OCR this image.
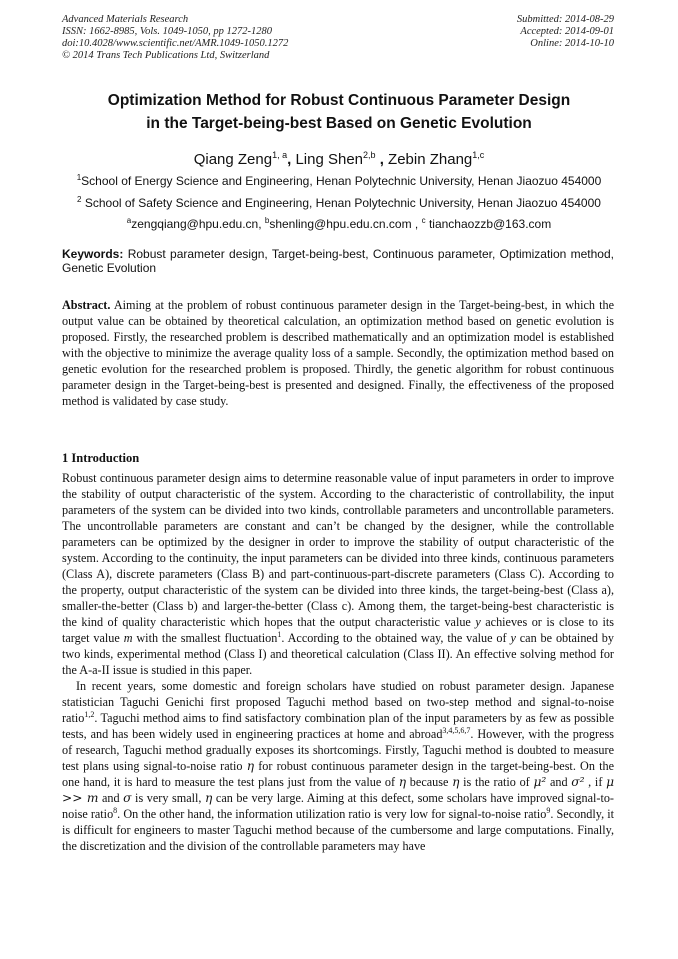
Advanced Materials Research
ISSN: 1662-8985, Vols. 1049-1050, pp 1272-1280
doi:10.4028/www.scientific.net/AMR.1049-1050.1272
© 2014 Trans Tech Publications Ltd, Switzerland
Submitted: 2014-08-29
Accepted: 2014-09-01
Online: 2014-10-10
Optimization Method for Robust Continuous Parameter Design
in the Target-being-best Based on Genetic Evolution
Qiang Zeng$^{1, a}$, Ling Shen$^{2,b}$ , Zebin Zhang$^{1,c}$
$^1$School of Energy Science and Engineering, Henan Polytechnic University, Henan Jiaozuo 454000
$^2$ School of Safety Science and Engineering, Henan Polytechnic University, Henan Jiaozuo 454000
$^a$zengqiang@hpu.edu.cn, $^b$shenling@hpu.edu.cn.com , $^c$ tianchaozzb@163.com
Keywords: Robust parameter design, Target-being-best, Continuous parameter, Optimization method, Genetic Evolution
Abstract. Aiming at the problem of robust continuous parameter design in the Target-being-best, in which the output value can be obtained by theoretical calculation, an optimization method based on genetic evolution is proposed. Firstly, the researched problem is described mathematically and an optimization model is established with the objective to minimize the average quality loss of a sample. Secondly, the optimization method based on genetic evolution for the researched problem is proposed. Thirdly, the genetic algorithm for robust continuous parameter design in the Target-being-best is presented and designed. Finally, the effectiveness of the proposed method is validated by case study.
1 Introduction

Robust continuous parameter design aims to determine reasonable value of input parameters in order to improve the stability of output characteristic of the system. According to the characteristic of controllability, the input parameters of the system can be divided into two kinds, controllable parameters and uncontrollable parameters. The uncontrollable parameters are constant and can’t be changed by the designer, while the controllable parameters can be optimized by the designer in order to improve the stability of output characteristic of the system. According to the continuity, the input parameters can be divided into three kinds, continuous parameters (Class A), discrete parameters (Class B) and part-continuous-part-discrete parameters (Class C). According to the property, output characteristic of the system can be divided into three kinds, the target-being-best (Class a), smaller-the-better (Class b) and larger-the-better (Class c). Among them, the target-being-best characteristic is the kind of quality characteristic which hopes that the output characteristic value y achieves or is close to its target value m with the smallest fluctuation$^1$. According to the obtained way, the value of y can be obtained by two kinds, experimental method (Class I) and theoretical calculation (Class II). An effective solving method for the A-a-II issue is studied in this paper.

In recent years, some domestic and foreign scholars have studied on robust parameter design. Japanese statistician Taguchi Genichi first proposed Taguchi method based on two-step method and signal-to-noise ratio$^{1,2}$. Taguchi method aims to find satisfactory combination plan of the input parameters by as few as possible tests, and has been widely used in engineering practices at home and abroad$^{3,4,5,6,7}$. However, with the progress of research, Taguchi method gradually exposes its shortcomings. Firstly, Taguchi method is doubted to measure test plans using signal-to-noise ratio η for robust continuous parameter design in the target-being-best. On the one hand, it is hard to measure the test plans just from the value of η because η is the ratio of μ² and σ² , if μ >> m and σ is very small, η can be very large. Aiming at this defect, some scholars have improved signal-to-noise ratio$^8$. On the other hand, the information utilization ratio is very low for signal-to-noise ratio$^9$. Secondly, it is difficult for engineers to master Taguchi method because of the cumbersome and large computations. Finally, the discretization and the division of the controllable parameters may have
